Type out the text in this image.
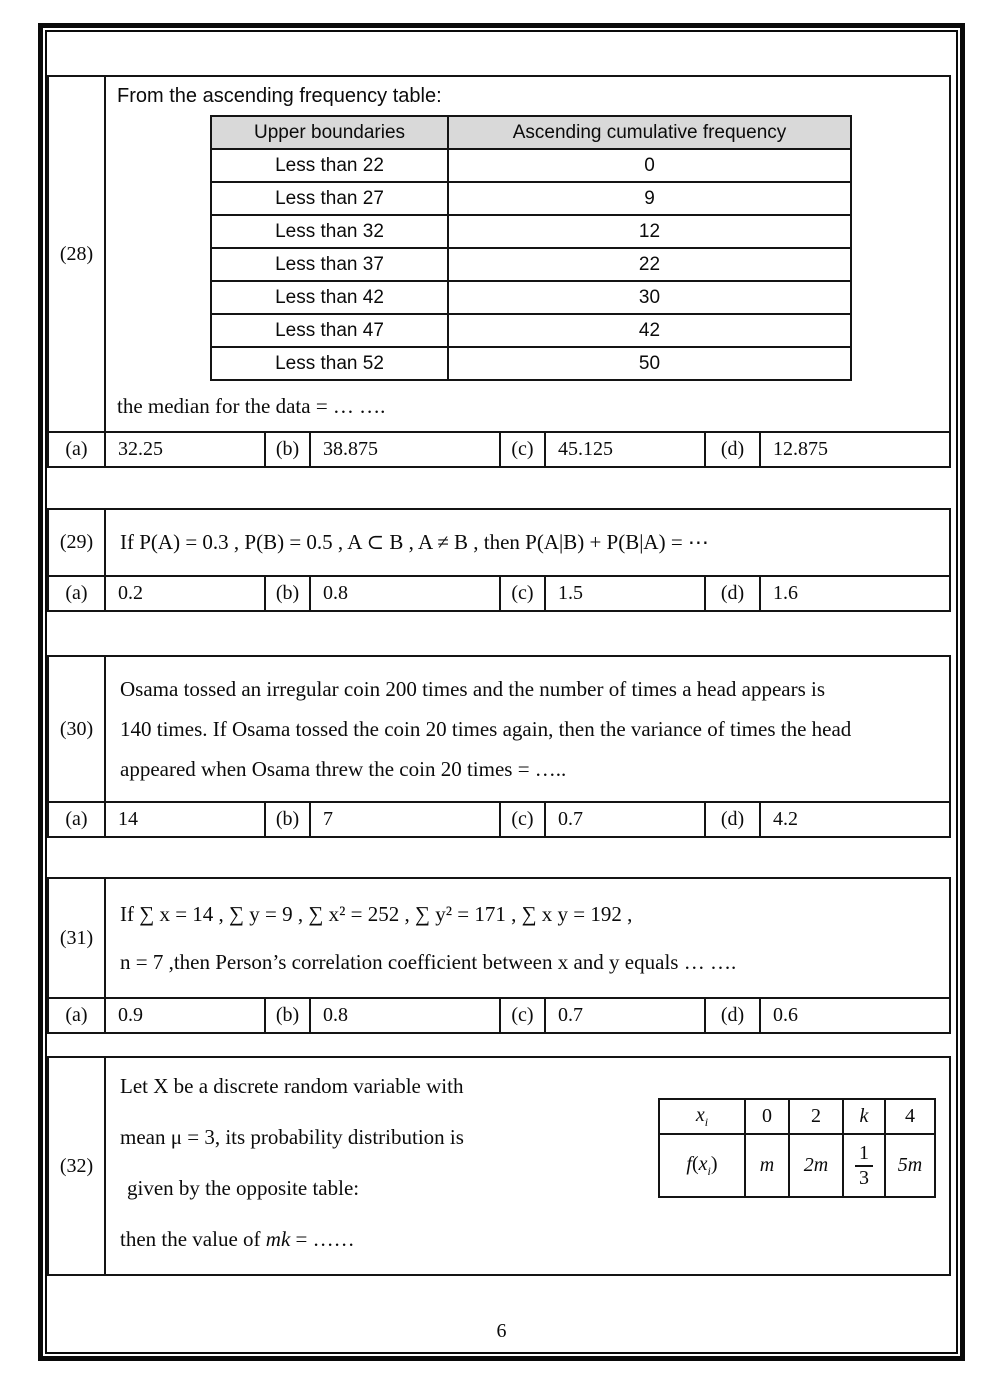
(28)	
From the ascending frequency table:
Upper boundaries	Ascending cumulative frequency
Less than 22	0
Less than 27	9
Less than 32	12
Less than 37	22
Less than 42	30
Less than 47	42
Less than 52	50
the median for the data = … ….

(a)	32.25	(b)	38.875	(c)	45.125	(d)	12.875
(29)	If P(A) = 0.3 , P(B) = 0.5 , A ⊂ B , A ≠ B , then P(A|B) + P(B|A) = ⋯						

(a)	0.2	(b)	0.8	(c)	1.5	(d)	1.6
(30)	Osama tossed an irregular coin 200 times and the number of times a head appears is
140 times. If Osama tossed the coin 20 times again, then the variance of times the head
appeared when Osama threw the coin 20 times = …..						

(a)	14	(b)	7	(c)	0.7	(d)	4.2
(31)	If ∑ x = 14 , ∑ y = 9 , ∑ x² = 252 , ∑ y² = 171 , ∑ x y = 192 ,
n = 7 ,then Person’s correlation coefficient between x and y equals … ….						

(a)	0.9	(b)	0.8	(c)	0.7	(d)	0.6
(32)	
Let X be a discrete random variable with
mean μ = 3, its probability distribution is
given by the opposite table:
then the value of mk = ……
$x_i$	0	2	k	4
$f(x_i)$	m	2m	$\frac{1}{3}$	5m
6
